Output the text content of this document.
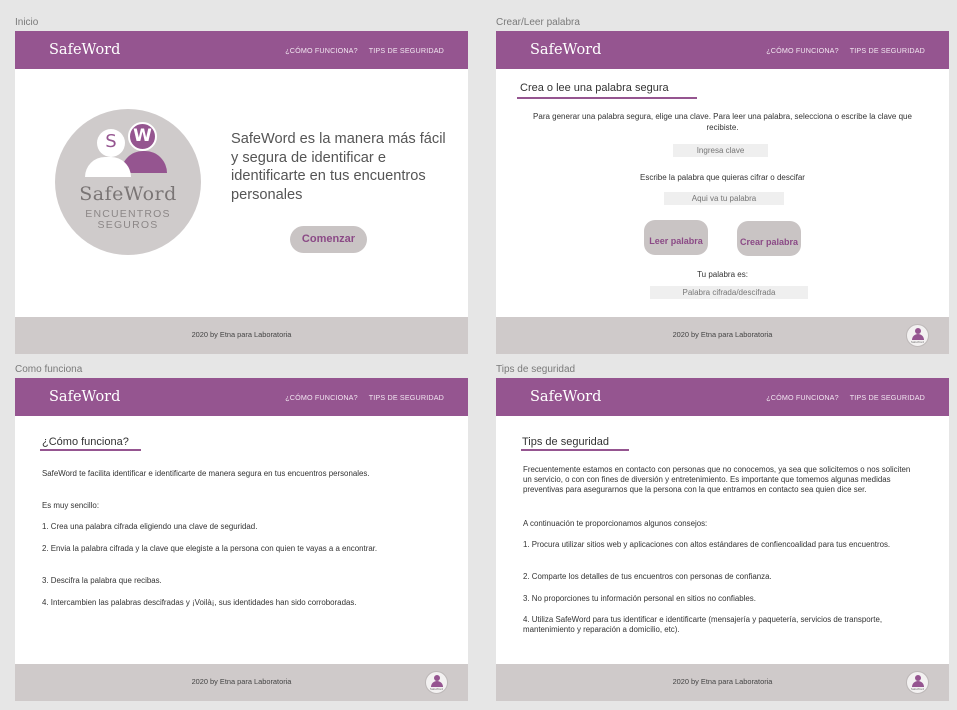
Inicio	Crear/Leer palabra
Como funciona	Tips de seguridad
SafeWord	¿CÓMO FUNCIONA? TIPS DE SEGURIDAD
W
S
SafeWord
ENCUENTROS
SEGUROS
SafeWord es la manera más fácil y segura de identificar e identificarte en tus encuentros personales
Comenzar
2020 by Etna para Laboratoria
SafeWord	¿CÓMO FUNCIONA? TIPS DE SEGURIDAD
Crea o lee una palabra segura
Para generar una palabra segura, elige una clave. Para leer una palabra, selecciona o escribe la clave que recibiste.
Ingresa clave
Escribe la palabra que quieras cifrar o descifar
Aqui va tu palabra
Leer palabra	Crear palabra
Tu palabra es:
Palabra cifrada/descifrada
2020 by Etna para Laboratoria
SafeWord
SafeWord	¿CÓMO FUNCIONA? TIPS DE SEGURIDAD
¿Cómo funciona?
SafeWord te facilita identificar e identificarte de manera segura en tus encuentros personales.
Es muy sencillo:
1. Crea una palabra cifrada eligiendo una clave de seguridad.
2. Envia la palabra cifrada y la clave que elegiste a la persona con quien te vayas a a encontrar.
3. Descifra la palabra que recibas.
4. Intercambien las palabras descifradas y ¡Voilà¡, sus identidades han sido corroboradas.
2020 by Etna para Laboratoria
SafeWord
SafeWord	¿CÓMO FUNCIONA? TIPS DE SEGURIDAD
Tips de seguridad
Frecuentemente estamos en contacto con personas que no conocemos, ya sea que solicitemos o nos soliciten un servicio, o con con fines de diversión y entretenimiento. Es importante que tomemos algunas medidas preventivas para asegurarnos que la persona con la que entramos en contacto sea quien dice ser.
A continuación te proporcionamos algunos consejos:
1. Procura utilizar sitios web y aplicaciones con altos estándares de confiencoalidad para tus encuentros.
2. Comparte los detalles de tus encuentros con personas de confianza.
3. No proporciones tu información personal en sitios no confiables.
4. Utiliza SafeWord para tus identificar e identificarte (mensajería y paquetería, servicios de transporte, mantenimiento y reparación a domicilio, etc).
2020 by Etna para Laboratoria
SafeWord
